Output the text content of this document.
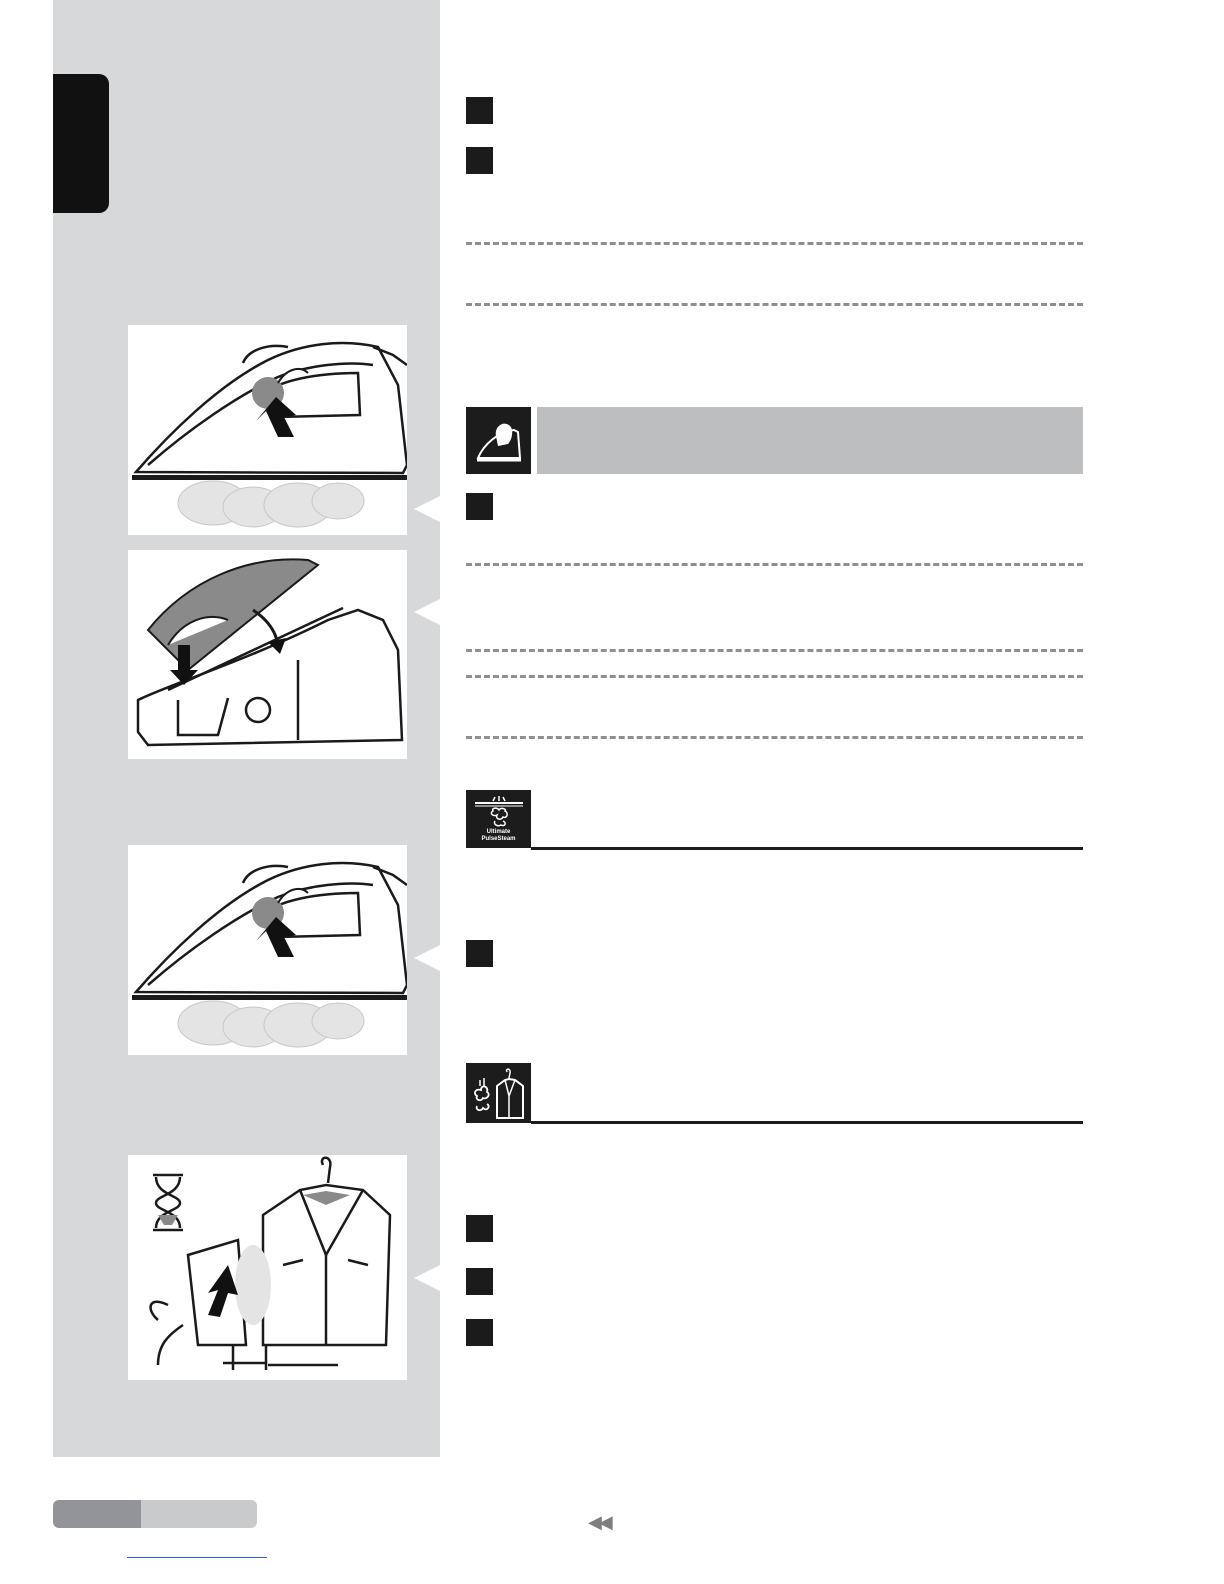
Ultimate
PulseSteam
◀◀
